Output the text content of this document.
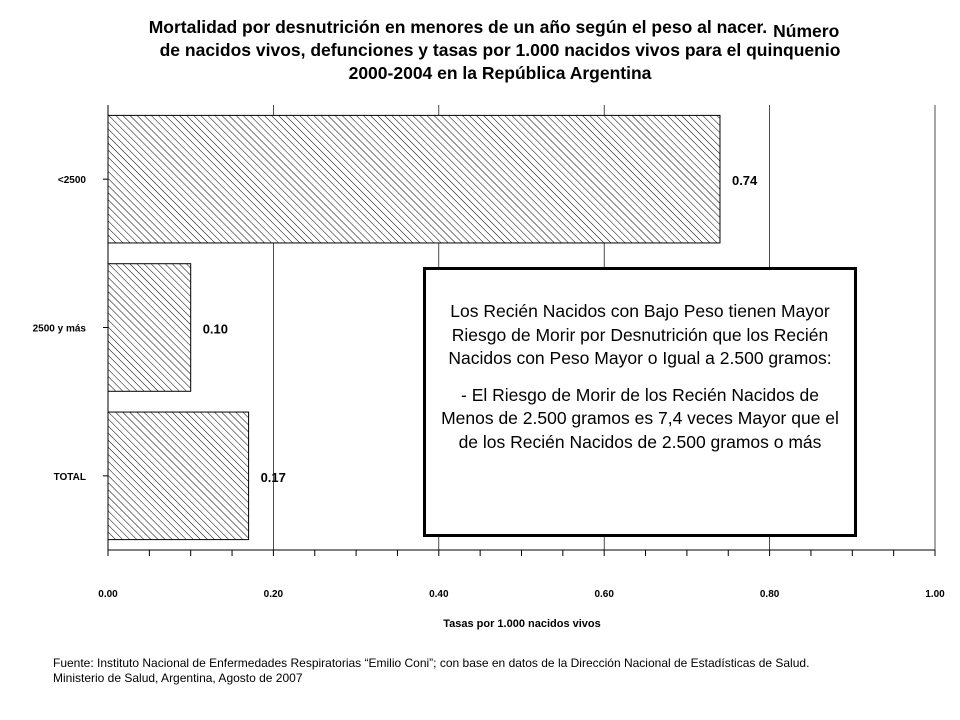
Mortalidad por desnutrición en menores de un año según el peso al nacer. Número
de nacidos vivos, defunciones y tasas por 1.000 nacidos vivos para el quinquenio
2000-2004 en la República Argentina
0.74
0.10
0.17
<2500
2500 y más
TOTAL
0.00	0.20	0.40	0.60	0.80	1.00
Tasas por 1.000 nacidos vivos

Los Recién Nacidos con Bajo Peso tienen Mayor Riesgo de Morir por Desnutrición que los Recién Nacidos con Peso Mayor o Igual a 2.500 gramos:

- El Riesgo de Morir de los Recién Nacidos de Menos de 2.500 gramos es 7,4 veces Mayor que el de los Recién Nacidos de 2.500 gramos o más

Fuente: Instituto Nacional de Enfermedades Respiratorias “Emilio Coni”; con base en datos de la Dirección Nacional de Estadísticas de Salud.
Ministerio de Salud, Argentina, Agosto de 2007
